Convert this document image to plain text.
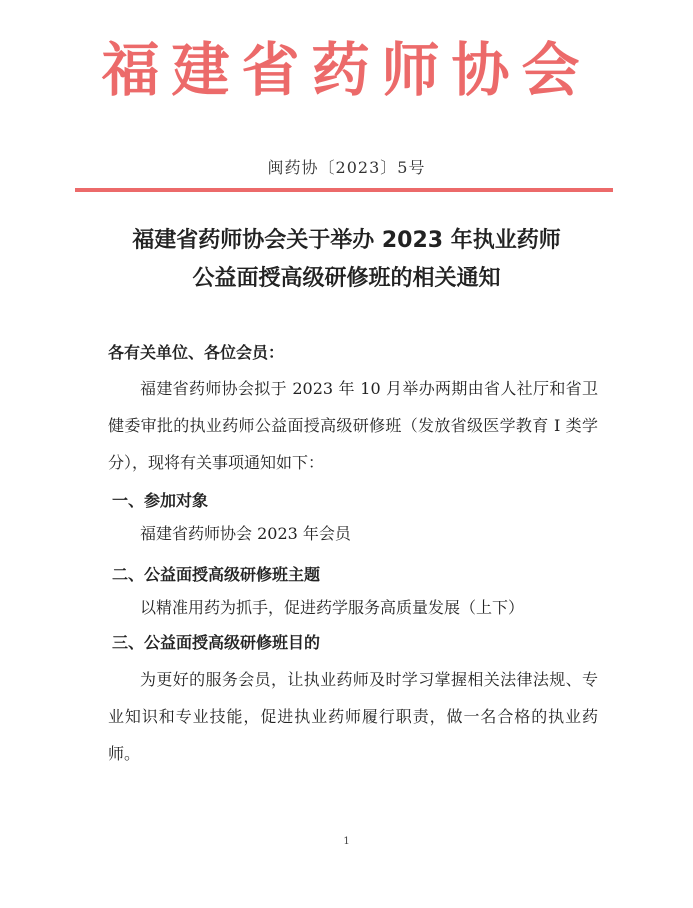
福建省药师协会
闽药协〔2023〕5号
福建省药师协会关于举办 2023 年执业药师
公益面授高级研修班的相关通知
各有关单位、各位会员：
福建省药师协会拟于 2023 年 10 月举办两期由省人社厅和省卫健委审批的执业药师公益面授高级研修班（发放省级医学教育 I 类学分），现将有关事项通知如下：
一、参加对象
福建省药师协会 2023 年会员
二、公益面授高级研修班主题
以精准用药为抓手，促进药学服务高质量发展（上下）
三、公益面授高级研修班目的
为更好的服务会员，让执业药师及时学习掌握相关法律法规、专业知识和专业技能，促进执业药师履行职责，做一名合格的执业药师。
1
